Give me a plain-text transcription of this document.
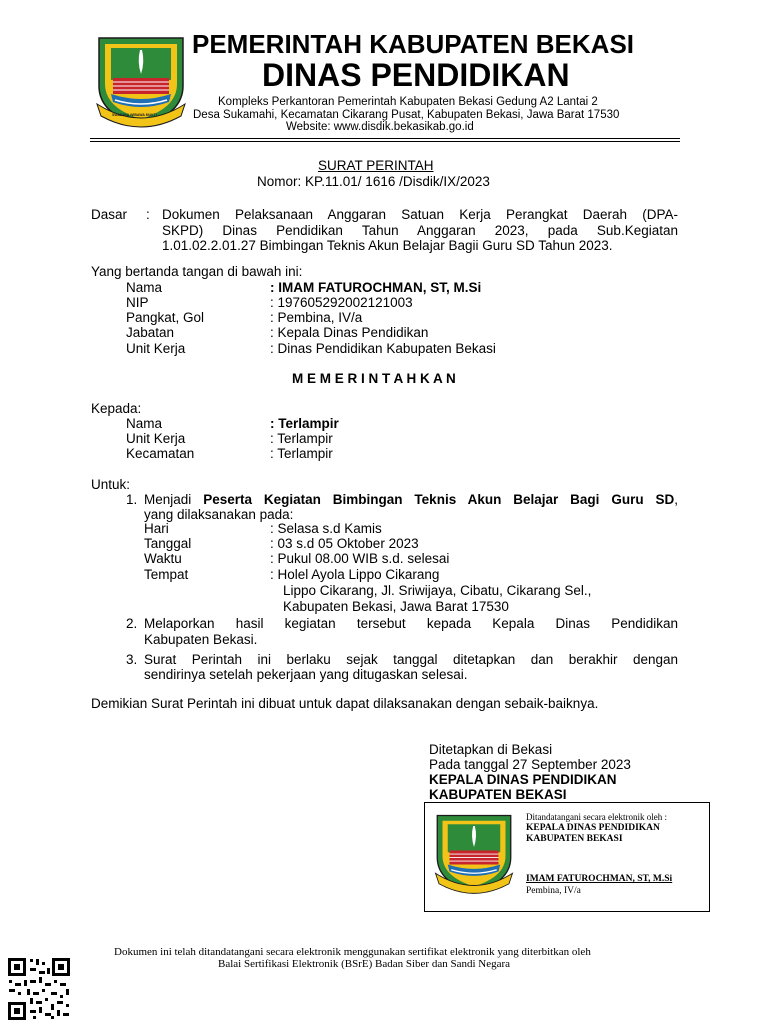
SWADAYA WIBAWA MUKTI
PEMERINTAH KABUPATEN BEKASI
DINAS PENDIDIKAN
Kompleks Perkantoran Pemerintah Kabupaten Bekasi Gedung A2 Lantai 2
Desa Sukamahi, Kecamatan Cikarang Pusat, Kabupaten Bekasi, Jawa Barat 17530
Website: www.disdik.bekasikab.go.id
SURAT PERINTAH
Nomor: KP.11.01/ 1616 /Disdik/IX/2023
Dasar : Dokumen Pelaksanaan Anggaran Satuan Kerja Perangkat Daerah (DPA-
SKPD) Dinas Pendidikan Tahun Anggaran 2023, pada Sub.Kegiatan
1.01.02.2.01.27 Bimbingan Teknis Akun Belajar Bagii Guru SD Tahun 2023.
Yang bertanda tangan di bawah ini:
Nama	: IMAM FATUROCHMAN, ST, M.Si
NIP	: 197605292002121003
Pangkat, Gol	: Pembina, IV/a
Jabatan	: Kepala Dinas Pendidikan
Unit Kerja	: Dinas Pendidikan Kabupaten Bekasi
M E M E R I N T A H K A N
Kepada:
Nama	: Terlampir
Unit Kerja	: Terlampir
Kecamatan	: Terlampir
Untuk:
1. Menjadi Peserta Kegiatan Bimbingan Teknis Akun Belajar Bagi Guru SD,
yang dilaksanakan pada:
Hari	: Selasa s.d Kamis
Tanggal	: 03 s.d 05 Oktober 2023
Waktu	: Pukul 08.00 WIB s.d. selesai
Tempat	: Holel Ayola Lippo Cikarang
Lippo Cikarang, Jl. Sriwijaya, Cibatu, Cikarang Sel.,
Kabupaten Bekasi, Jawa Barat 17530
2. Melaporkan hasil kegiatan tersebut kepada Kepala Dinas Pendidikan
Kabupaten Bekasi.
3. Surat Perintah ini berlaku sejak tanggal ditetapkan dan berakhir dengan
sendirinya setelah pekerjaan yang ditugaskan selesai.
Demikian Surat Perintah ini dibuat untuk dapat dilaksanakan dengan sebaik-baiknya.
Ditetapkan di Bekasi
Pada tanggal 27 September 2023
KEPALA DINAS PENDIDIKAN
KABUPATEN BEKASI
Ditandatangani secara elektronik oleh :
KEPALA DINAS PENDIDIKAN
KABUPATEN BEKASI
IMAM FATUROCHMAN, ST, M.Si
Pembina, IV/a
Dokumen ini telah ditandatangani secara elektronik menggunakan sertifikat elektronik yang diterbitkan oleh
Balai Sertifikasi Elektronik (BSrE) Badan Siber dan Sandi Negara
